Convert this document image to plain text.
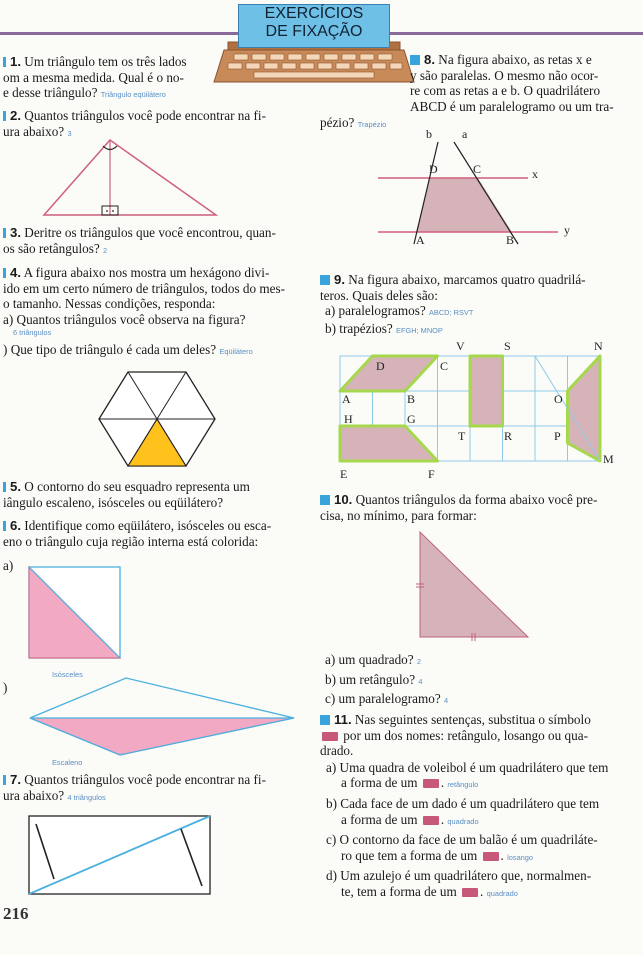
EXERCÍCIOS
DE FIXAÇÃO
1. Um triângulo tem os três lados
om a mesma medida. Qual é o no-
e desse triângulo? Triângulo eqüilátero
2. Quantos triângulos você pode encontrar na fi-
ura abaixo? 3
3. Deritre os triângulos que você encontrou, quan-
os são retângulos? 2
4. A figura abaixo nos mostra um hexágono divi-
ido em um certo número de triângulos, todos do mes-
o tamanho. Nessas condições, responda:
a) Quantos triângulos você observa na figura?
6 triângulos
) Que tipo de triângulo é cada um deles? Eqüilátero
5. O contorno do seu esquadro representa um
iângulo escaleno, isósceles ou eqüilátero?
6. Identifique como eqüilátero, isósceles ou esca-
eno o triângulo cuja região interna está colorida:
a)
Isósceles
)
Escaleno
7. Quantos triângulos você pode encontrar na fi-
ura abaixo? 4 triângulos
216
8. Na figura abaixo, as retas x e
y são paralelas. O mesmo não ocor-
re com as retas a e b. O quadrilátero
ABCD é um paralelogramo ou um tra-
pézio? Trapézio
b	a
D	C	x
A	B
y
9. Na figura abaixo, marcamos quatro quadrilá-
teros. Quais deles são:
a) paralelogramos? ABCD; RSVT
b) trapézios? EFGH; MNOP
D	C
V	S	N
A	B	O
H	G
T	R	P
E	F
M
10. Quantos triângulos da forma abaixo você pre-
cisa, no mínimo, para formar:
a) um quadrado? 2
b) um retângulo? 4
c) um paralelogramo? 4
11. Nas seguintes sentenças, substitua o símbolo
por um dos nomes: retângulo, losango ou qua-
drado.
a) Uma quadra de voleibol é um quadrilátero que tem
a forma de um . retângulo
b) Cada face de um dado é um quadrilátero que tem
a forma de um . quadrado
c) O contorno da face de um balão é um quadriláte-
ro que tem a forma de um . losango
d) Um azulejo é um quadrilátero que, normalmen-
te, tem a forma de um . quadrado
